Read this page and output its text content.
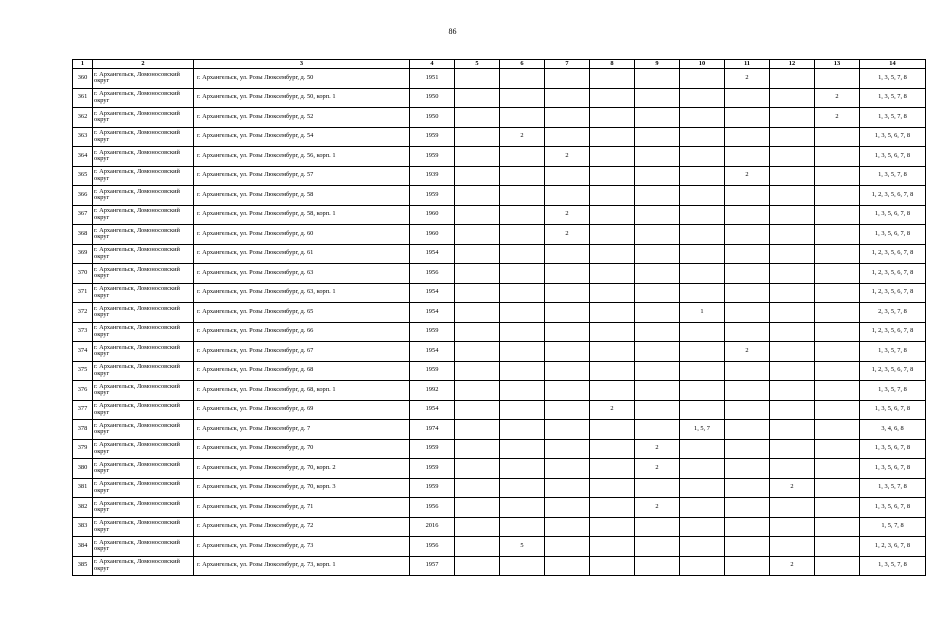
86
1	2	3	4	5	6	7	8	9	10	11	12	13	14
360	г. Архангельск, Ломоносовский округ	г. Архангельск, ул. Розы Люксембург, д. 50	1951							2			1, 3, 5, 7, 8
361	г. Архангельск, Ломоносовский округ	г. Архангельск, ул. Розы Люксембург, д. 50, корп. 1	1950									2	1, 3, 5, 7, 8
362	г. Архангельск, Ломоносовский округ	г. Архангельск, ул. Розы Люксембург, д. 52	1950									2	1, 3, 5, 7, 8
363	г. Архангельск, Ломоносовский округ	г. Архангельск, ул. Розы Люксембург, д. 54	1959		2								1, 3, 5, 6, 7, 8
364	г. Архангельск, Ломоносовский округ	г. Архангельск, ул. Розы Люксембург, д. 56, корп. 1	1959			2							1, 3, 5, 6, 7, 8
365	г. Архангельск, Ломоносовский округ	г. Архангельск, ул. Розы Люксембург, д. 57	1939							2			1, 3, 5, 7, 8
366	г. Архангельск, Ломоносовский округ	г. Архангельск, ул. Розы Люксембург, д. 58	1959										1, 2, 3, 5, 6, 7, 8
367	г. Архангельск, Ломоносовский округ	г. Архангельск, ул. Розы Люксембург, д. 58, корп. 1	1960			2							1, 3, 5, 6, 7, 8
368	г. Архангельск, Ломоносовский округ	г. Архангельск, ул. Розы Люксембург, д. 60	1960			2							1, 3, 5, 6, 7, 8
369	г. Архангельск, Ломоносовский округ	г. Архангельск, ул. Розы Люксембург, д. 61	1954										1, 2, 3, 5, 6, 7, 8
370	г. Архангельск, Ломоносовский округ	г. Архангельск, ул. Розы Люксембург, д. 63	1956										1, 2, 3, 5, 6, 7, 8
371	г. Архангельск, Ломоносовский округ	г. Архангельск, ул. Розы Люксембург, д. 63, корп. 1	1954										1, 2, 3, 5, 6, 7, 8
372	г. Архангельск, Ломоносовский округ	г. Архангельск, ул. Розы Люксембург, д. 65	1954						1				2, 3, 5, 7, 8
373	г. Архангельск, Ломоносовский округ	г. Архангельск, ул. Розы Люксембург, д. 66	1959										1, 2, 3, 5, 6, 7, 8
374	г. Архангельск, Ломоносовский округ	г. Архангельск, ул. Розы Люксембург, д. 67	1954							2			1, 3, 5, 7, 8
375	г. Архангельск, Ломоносовский округ	г. Архангельск, ул. Розы Люксембург, д. 68	1959										1, 2, 3, 5, 6, 7, 8
376	г. Архангельск, Ломоносовский округ	г. Архангельск, ул. Розы Люксембург, д. 68, корп. 1	1992										1, 3, 5, 7, 8
377	г. Архангельск, Ломоносовский округ	г. Архангельск, ул. Розы Люксембург, д. 69	1954				2						1, 3, 5, 6, 7, 8
378	г. Архангельск, Ломоносовский округ	г. Архангельск, ул. Розы Люксембург, д. 7	1974						1, 5, 7				3, 4, 6, 8
379	г. Архангельск, Ломоносовский округ	г. Архангельск, ул. Розы Люксембург, д. 70	1959					2					1, 3, 5, 6, 7, 8
380	г. Архангельск, Ломоносовский округ	г. Архангельск, ул. Розы Люксембург, д. 70, корп. 2	1959					2					1, 3, 5, 6, 7, 8
381	г. Архангельск, Ломоносовский округ	г. Архангельск, ул. Розы Люксембург, д. 70, корп. 3	1959								2		1, 3, 5, 7, 8
382	г. Архангельск, Ломоносовский округ	г. Архангельск, ул. Розы Люксембург, д. 71	1956					2					1, 3, 5, 6, 7, 8
383	г. Архангельск, Ломоносовский округ	г. Архангельск, ул. Розы Люксембург, д. 72	2016										1, 5, 7, 8
384	г. Архангельск, Ломоносовский округ	г. Архангельск, ул. Розы Люксембург, д. 73	1956		5								1, 2, 3, 6, 7, 8
385	г. Архангельск, Ломоносовский округ	г. Архангельск, ул. Розы Люксембург, д. 73, корп. 1	1957								2		1, 3, 5, 7, 8
